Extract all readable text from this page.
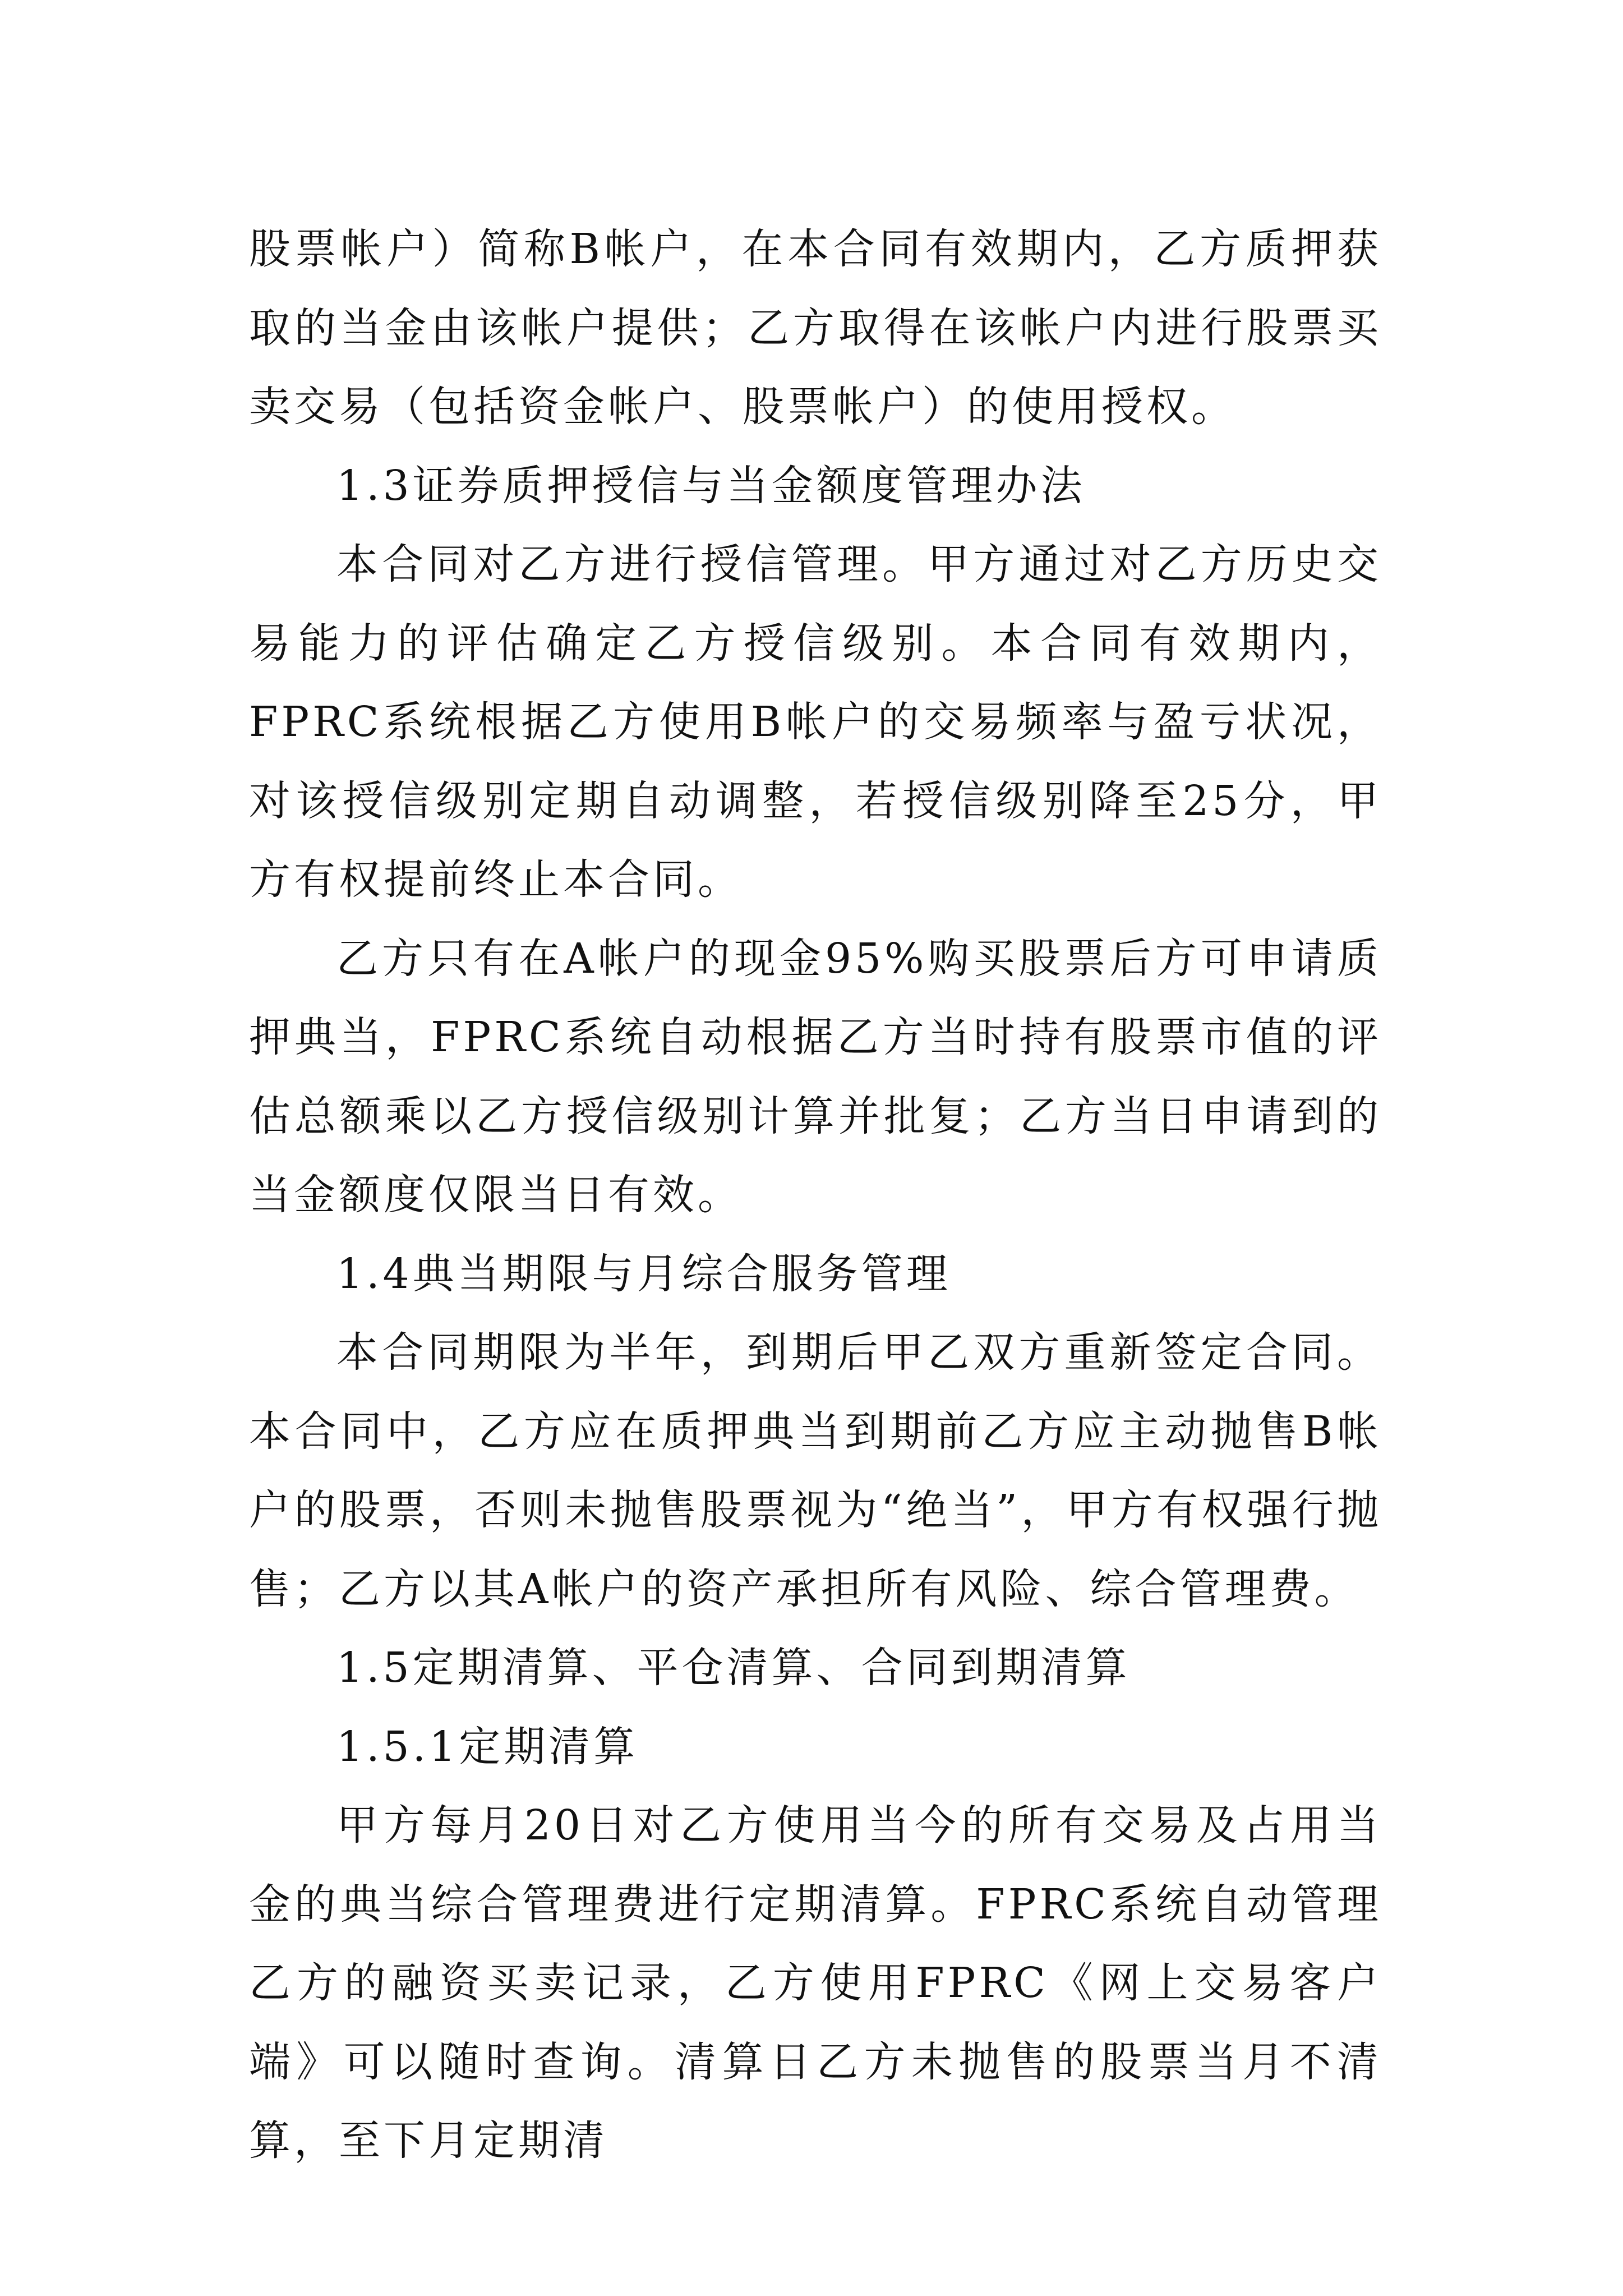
股票帐户）简称B帐户，在本合同有效期内，乙方质押获取的当金由该帐户提供；乙方取得在该帐户内进行股票买卖交易（包括资金帐户、股票帐户）的使用授权。

1.3证券质押授信与当金额度管理办法

本合同对乙方进行授信管理。甲方通过对乙方历史交易能力的评估确定乙方授信级别。本合同有效期内，FPRC系统根据乙方使用B帐户的交易频率与盈亏状况，对该授信级别定期自动调整，若授信级别降至25分，甲方有权提前终止本合同。

乙方只有在A帐户的现金95%购买股票后方可申请质押典当，FPRC系统自动根据乙方当时持有股票市值的评估总额乘以乙方授信级别计算并批复；乙方当日申请到的当金额度仅限当日有效。

1.4典当期限与月综合服务管理

本合同期限为半年，到期后甲乙双方重新签定合同。本合同中，乙方应在质押典当到期前乙方应主动抛售B帐户的股票，否则未抛售股票视为“绝当”，甲方有权强行抛售；乙方以其A帐户的资产承担所有风险、综合管理费。

1.5定期清算、平仓清算、合同到期清算

1.5.1定期清算

甲方每月20日对乙方使用当今的所有交易及占用当金的典当综合管理费进行定期清算。FPRC系统自动管理乙方的融资买卖记录，乙方使用FPRC《网上交易客户端》可以随时查询。清算日乙方未抛售的股票当月不清算，至下月定期清
